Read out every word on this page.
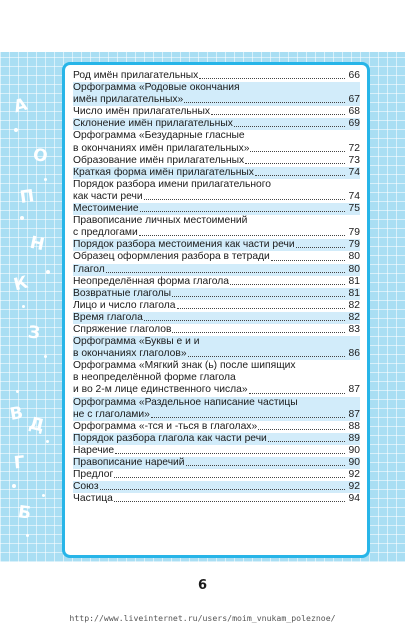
А
О
П
Н
К
З
В Д
Г
Б
Род имён прилагательных	66
Орфограмма «Родовые окончания
имён прилагательных»	67
Число имён прилагательных	68
Склонение имён прилагательных	69
Орфограмма «Безударные гласные
в окончаниях имён прилагательных»	72
Образование имён прилагательных	73
Краткая форма имён прилагательных	74
Порядок разбора имени прилагательного
как части речи	74
Местоимение	75
Правописание личных местоимений
с предлогами	79
Порядок разбора местоимения как части речи	79
Образец оформления разбора в тетради	80
Глагол	80
Неопределённая форма глагола	81
Возвратные глаголы	81
Лицо и число глагола	82
Время глагола	82
Спряжение глаголов	83
Орфограмма «Буквы е и и
в окончаниях глаголов»	86
Орфограмма «Мягкий знак (ь) после шипящих
в неопределённой форме глагола
и во 2-м лице единственного числа»	87
Орфограмма «Раздельное написание частицы
не с глаголами»	87
Орфограмма «-тся и -ться в глаголах»	88
Порядок разбора глагола как части речи	89
Наречие	90
Правописание наречий	90
Предлог	92
Союз	92
Частица	94
6
http://www.liveinternet.ru/users/moim_vnukam_poleznoe/
